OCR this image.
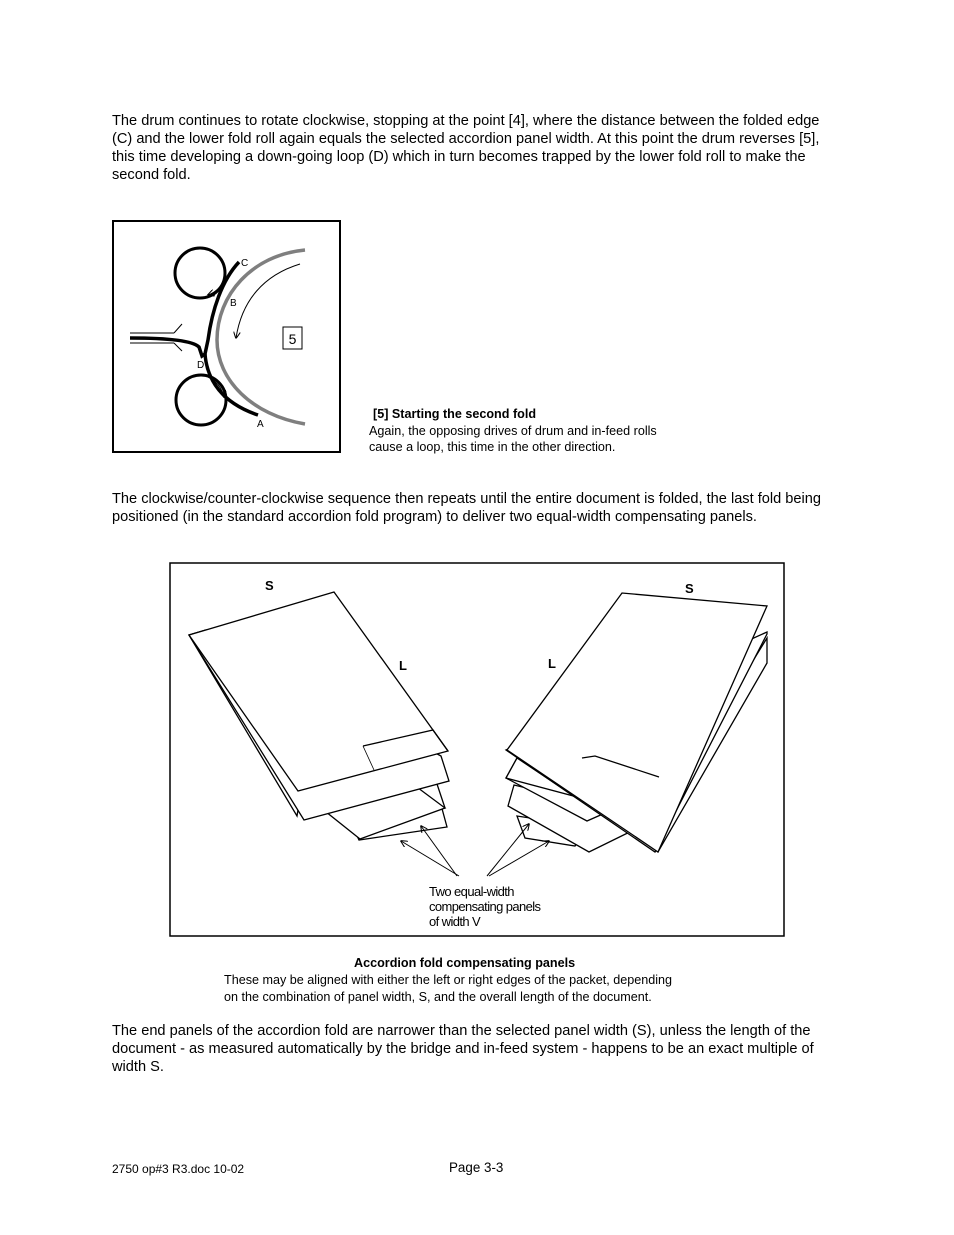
The drum continues to rotate clockwise, stopping at the point [4], where the distance between the folded edge (C) and the lower fold roll again equals the selected accordion panel width. At this point the drum reverses [5], this time developing a down-going loop (D) which in turn becomes trapped by the lower fold roll to make the second fold.

5
C
B
D
A

[5] Starting the second fold

Again, the opposing drives of drum and in-feed rolls

cause a loop, this time in the other direction.

The clockwise/counter-clockwise sequence then repeats until the entire document is folded, the last fold being positioned (in the standard accordion fold program) to deliver two equal-width compensating panels.

S	S
L	L
Two equal-width
compensating panels
of width V

Accordion fold compensating panels

These may be aligned with either the left or right edges of the packet, depending

on the combination of panel width, S, and the overall length of the document.

The end panels of the accordion fold are narrower than the selected panel width (S), unless the length of the document - as measured automatically by the bridge and in-feed system - happens to be an exact multiple of width S.

2750 op#3 R3.doc 10-02	Page 3-3
